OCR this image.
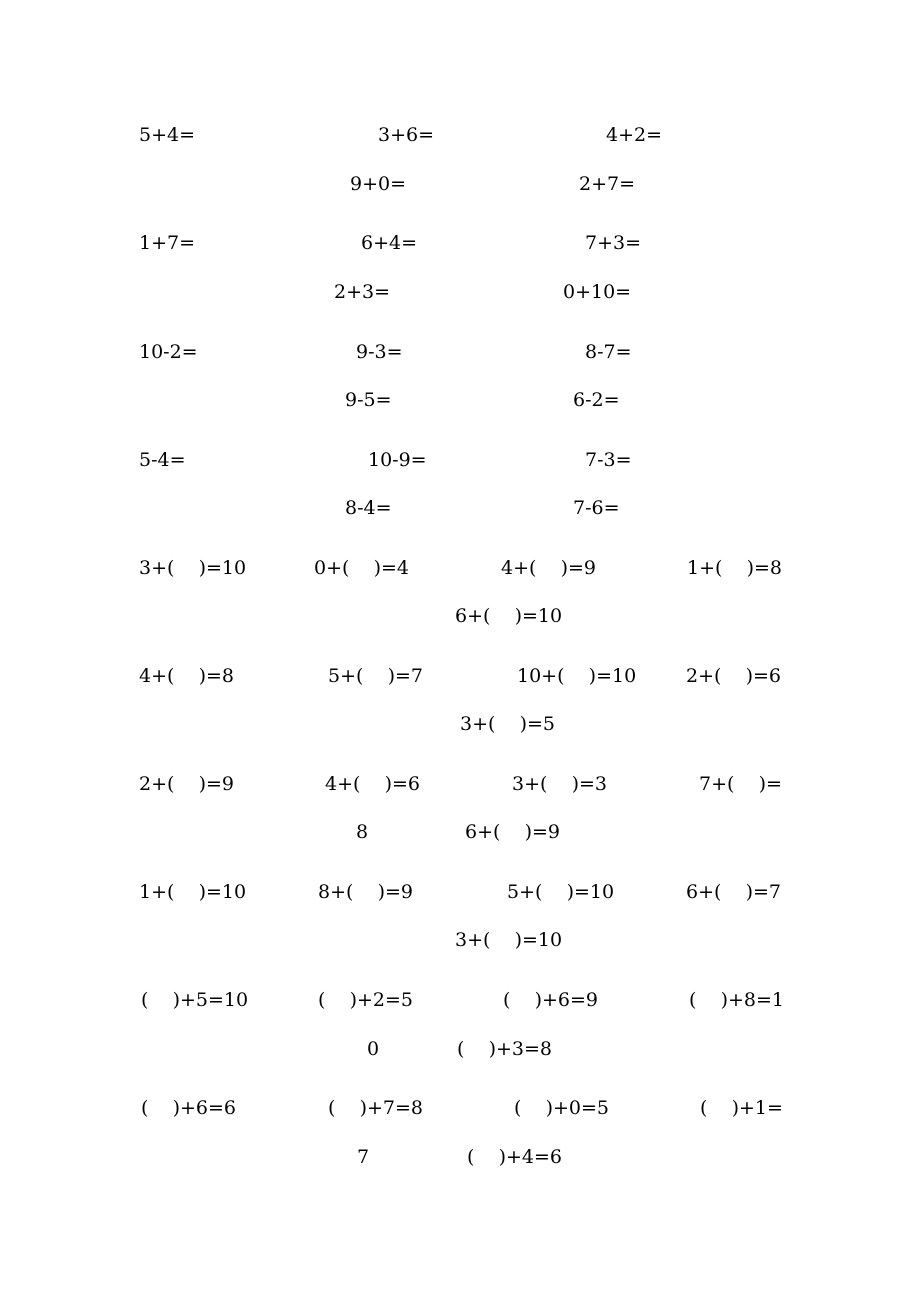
5+4=	3+6=	4+2=
9+0=	2+7=
1+7=	6+4=	7+3=
2+3=	0+10=
10-2=	9-3=	8-7=
9-5=	6-2=
5-4=	10-9=	7-3=
8-4=	7-6=
3+(    )=10	0+(    )=4	4+(    )=9	1+(    )=8
6+(    )=10
4+(    )=8	5+(    )=7	10+(    )=10	2+(    )=6
3+(    )=5
2+(    )=9	4+(    )=6	3+(    )=3	7+(    )=
8	6+(    )=9
1+(    )=10	8+(    )=9	5+(    )=10	6+(    )=7
3+(    )=10
(    )+5=10	(    )+2=5	(    )+6=9	(    )+8=1
0	(    )+3=8
(    )+6=6	(    )+7=8	(    )+0=5	(    )+1=
7	(    )+4=6
